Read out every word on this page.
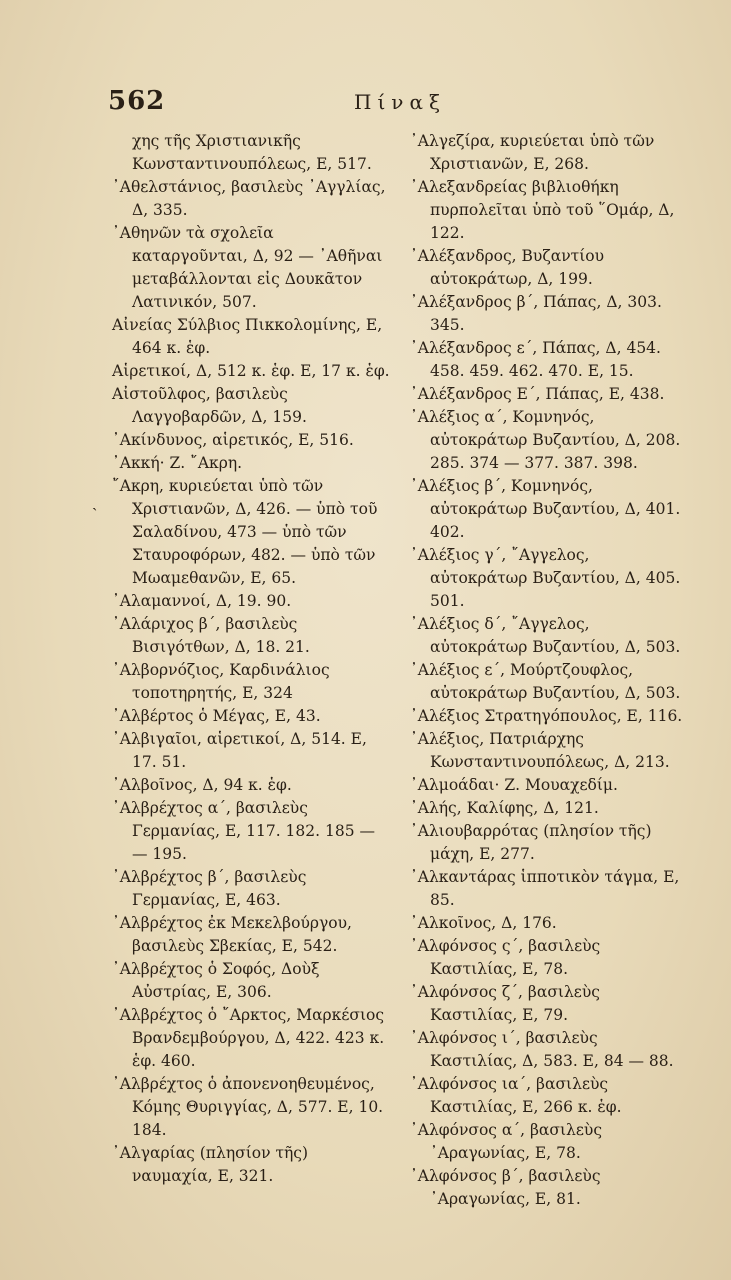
562	Πίναξ
ˎ
χης τῆς Χριστιανικῆς Κωνσταντινουπόλεως, Ε, 517.
᾿Αθελστάνιος, βασιλεὺς ᾿Αγγλίας, Δ, 335.
᾿Αθηνῶν τὰ σχολεῖα καταργοῦνται, Δ, 92 — ᾿Αθῆναι μεταβάλλονται εἰς Δουκᾶτον Λατινικόν, 507.
Αἰνείας Σύλβιος Πικκολομίνης, Ε, 464 κ. ἑφ.
Αἱρετικοί, Δ, 512 κ. ἑφ. Ε, 17 κ. ἑφ.
Αἰστοῦλφος, βασιλεὺς Λαγγοβαρδῶν, Δ, 159.
᾿Ακίνδυνος, αἱρετικός, Ε, 516.
᾿Ακκή· Ζ. ῎Ακρη.
῎Ακρη, κυριεύεται ὑπὸ τῶν Χριστιανῶν, Δ, 426. — ὑπὸ τοῦ Σαλαδίνου, 473 — ὑπὸ τῶν Σταυροφόρων, 482. — ὑπὸ τῶν Μωαμεθανῶν, Ε, 65.
᾿Αλαμαννοί, Δ, 19. 90.
᾿Αλάριχος β΄, βασιλεὺς Βισιγότθων, Δ, 18. 21.
᾿Αλβορνόζιος, Καρδινάλιος τοποτηρητής, Ε, 324
᾿Αλβέρτος ὁ Μέγας, Ε, 43.
᾿Αλβιγαῖοι, αἱρετικοί, Δ, 514. Ε, 17. 51.
᾿Αλβοῖνος, Δ, 94 κ. ἑφ.
᾿Αλβρέχτος α΄, βασιλεὺς Γερμανίας, Ε, 117. 182. 185 — — 195.
᾿Αλβρέχτος β΄, βασιλεὺς Γερμανίας, Ε, 463.
᾿Αλβρέχτος ἐκ Μεκελβούργου, βασιλεὺς Σβεκίας, Ε, 542.
᾿Αλβρέχτος ὁ Σοφός, Δοὺξ Αὐστρίας, Ε, 306.
᾿Αλβρέχτος ὁ ῎Αρκτος, Μαρκέσιος Βρανδεμβούργου, Δ, 422. 423 κ. ἑφ. 460.
᾿Αλβρέχτος ὁ ἀπονενοηθευμένος, Κόμης Θυριγγίας, Δ, 577. Ε, 10. 184.
᾿Αλγαρίας (πλησίον τῆς) ναυμαχία, Ε, 321.
᾿Αλγεζίρα, κυριεύεται ὑπὸ τῶν Χριστιανῶν, Ε, 268.
᾿Αλεξανδρείας βιβλιοθήκη πυρπολεῖται ὑπὸ τοῦ ῞Ομάρ, Δ, 122.
᾿Αλέξανδρος, Βυζαντίου αὐτοκράτωρ, Δ, 199.
᾿Αλέξανδρος β΄, Πάπας, Δ, 303. 345.
᾿Αλέξανδρος ε΄, Πάπας, Δ, 454. 458. 459. 462. 470. Ε, 15.
᾿Αλέξανδρος Ε΄, Πάπας, Ε, 438.
᾿Αλέξιος α΄, Κομνηνός, αὐτοκράτωρ Βυζαντίου, Δ, 208. 285. 374 — 377. 387. 398.
᾿Αλέξιος β΄, Κομνηνός, αὐτοκράτωρ Βυζαντίου, Δ, 401. 402.
᾿Αλέξιος γ΄, ῎Αγγελος, αὐτοκράτωρ Βυζαντίου, Δ, 405. 501.
᾿Αλέξιος δ΄, ῎Αγγελος, αὐτοκράτωρ Βυζαντίου, Δ, 503.
᾿Αλέξιος ε΄, Μούρτζουφλος, αὐτοκράτωρ Βυζαντίου, Δ, 503.
᾿Αλέξιος Στρατηγόπουλος, Ε, 116.
᾿Αλέξιος, Πατριάρχης Κωνσταντινουπόλεως, Δ, 213.
᾿Αλμοάδαι· Ζ. Μουαχεδίμ.
᾿Αλής, Καλίφης, Δ, 121.
᾿Αλιουβαρρότας (πλησίον τῆς) μάχη, Ε, 277.
᾿Αλκαντάρας ἱπποτικὸν τάγμα, Ε, 85.
᾿Αλκοῖνος, Δ, 176.
᾿Αλφόνσος ς΄, βασιλεὺς Καστιλίας, Ε, 78.
᾿Αλφόνσος ζ΄, βασιλεὺς Καστιλίας, Ε, 79.
᾿Αλφόνσος ι΄, βασιλεὺς Καστιλίας, Δ, 583. Ε, 84 — 88.
᾿Αλφόνσος ια΄, βασιλεὺς Καστιλίας, Ε, 266 κ. ἑφ.
᾿Αλφόνσος α΄, βασιλεὺς ᾿Αραγωνίας, Ε, 78.
᾿Αλφόνσος β΄, βασιλεὺς ᾿Αραγωνίας, Ε, 81.
